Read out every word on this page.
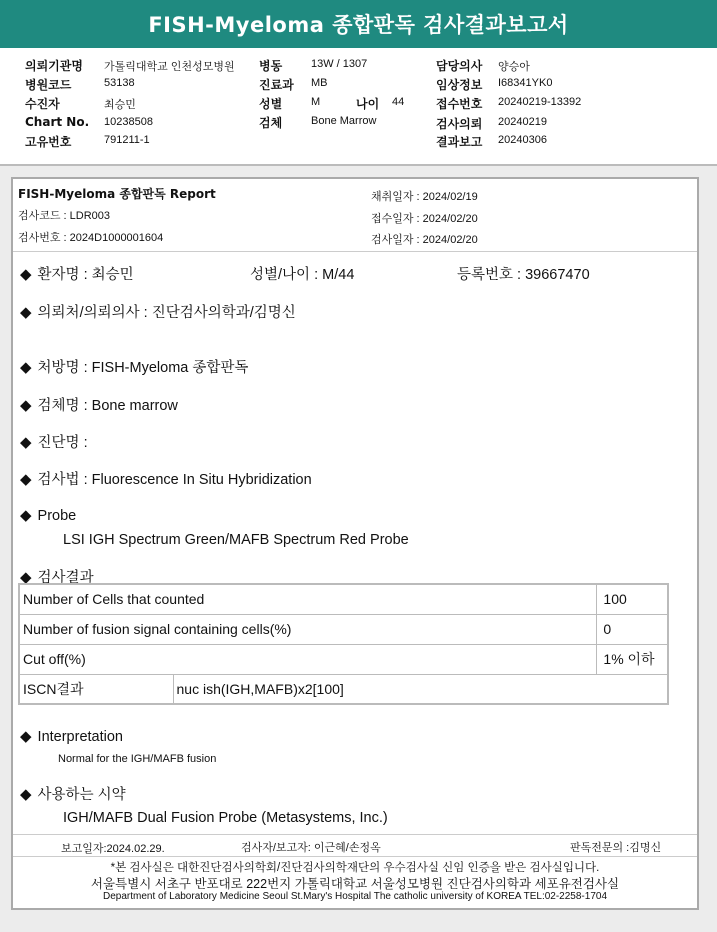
FISH-Myeloma 종합판독 검사결과보고서
의뢰기관명 가톨릭대학교 인천성모병원
병원코드	53138
수진자	최승민
Chart No. 10238508
고유번호	791211-1
병동	13W / 1307
진료과 MB
성별	M	나이 44
검체	Bone Marrow
담당의사 양승아
임상정보 I68341YK0
접수번호 20240219-13392
검사의뢰 20240219
결과보고 20240306
FISH-Myeloma 종합판독 Report
검사코드 : LDR003
검사번호 : 2024D1000001604
채취일자 : 2024/02/19
접수일자 : 2024/02/20
검사일자 : 2024/02/20
◆ 환자명 : 최승민	성별/나이 : M/44	등록번호 : 39667470
◆ 의뢰처/의뢰의사 : 진단검사의학과/김명신
◆ 처방명 : FISH-Myeloma 종합판독
◆ 검체명 : Bone marrow
◆ 진단명 :
◆ 검사법 : Fluorescence In Situ Hybridization
◆ Probe
LSI IGH Spectrum Green/MAFB Spectrum Red Probe
◆ 검사결과
Number of Cells that counted		100
Number of fusion signal containing cells(%)		0
Cut off(%)		1% 이하
ISCN결과	nuc ish(IGH,MAFB)x2[100]	
◆ Interpretation
Normal for the IGH/MAFB fusion
◆ 사용하는 시약
IGH/MAFB Dual Fusion Probe (Metasystems, Inc.)
보고일자:2024.02.29.	검사자/보고자: 이근혜/손정옥	판독전문의 :김명신
*본 검사실은 대한진단검사의학회/진단검사의학재단의 우수검사실 신임 인증을 받은 검사실입니다.
서울특별시 서초구 반포대로 222번지 가톨릭대학교 서울성모병원 진단검사의학과 세포유전검사실
Department of Laboratory Medicine Seoul St.Mary's Hospital The catholic university of KOREA TEL:02-2258-1704
